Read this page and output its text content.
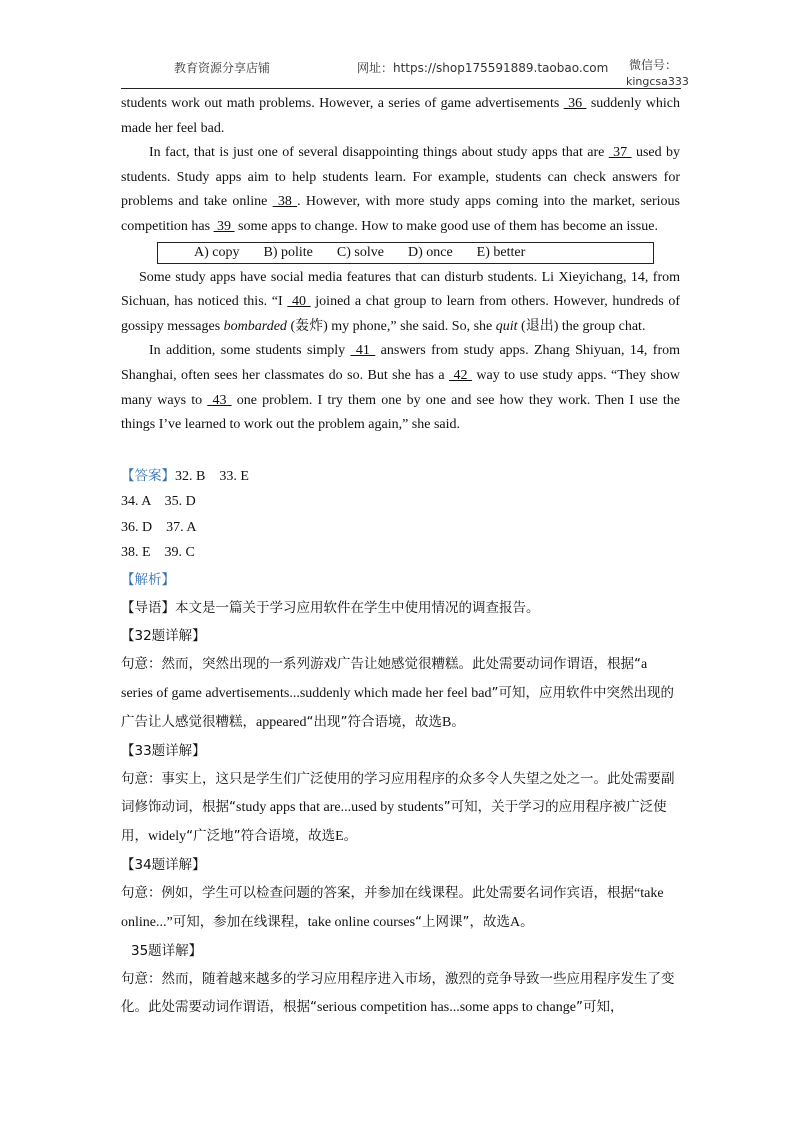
教育资源分享店铺	网址：https://shop175591889.taobao.com 微信号：
kingcsa333

students work out math problems. However, a series of game advertisements  36  suddenly which made her feel bad.

In fact, that is just one of several disappointing things about study apps that are  37  used by students. Study apps aim to help students learn. For example, students can check answers for problems and take online  38 . However, with more study apps coming into the market, serious competition has  39  some apps to change. How to make good use of them has become an issue.

A) copy B) polite C) solve D) once E) better

Some study apps have social media features that can disturb students. Li Xieyichang, 14, from Sichuan, has noticed this. “I  40  joined a chat group to learn from others. However, hundreds of gossipy messages bombarded (轰炸) my phone,” she said. So, she quit (退出) the group chat.

In addition, some students simply  41  answers from study apps. Zhang Shiyuan, 14, from Shanghai, often sees her classmates do so. But she has a  42  way to use study apps. “They show many ways to  43  one problem. I try them one by one and see how they work. Then I use the things I’ve learned to work out the problem again,” she said.

【答案】32. B    33. E

34. A    35. D

36. D    37. A

38. E    39. C

【解析】

【导语】本文是一篇关于学习应用软件在学生中使用情况的调查报告。

【32题详解】

句意：然而，突然出现的一系列游戏广告让她感觉很糟糕。此处需要动词作谓语，根据“a series of game advertisements...suddenly which made her feel bad”可知，应用软件中突然出现的广告让人感觉很糟糕，appeared“出现”符合语境，故选B。

【33题详解】

句意：事实上，这只是学生们广泛使用的学习应用程序的众多令人失望之处之一。此处需要副词修饰动词，根据“study apps that are...used by students”可知，关于学习的应用程序被广泛使用，widely“广泛地”符合语境，故选E。

【34题详解】

句意：例如，学生可以检查问题的答案，并参加在线课程。此处需要名词作宾语，根据“take online...”可知，参加在线课程，take online courses“上网课”，故选A。

35题详解】

句意：然而，随着越来越多的学习应用程序进入市场，激烈的竞争导致一些应用程序发生了变化。此处需要动词作谓语，根据“serious competition has...some apps to change”可知，
